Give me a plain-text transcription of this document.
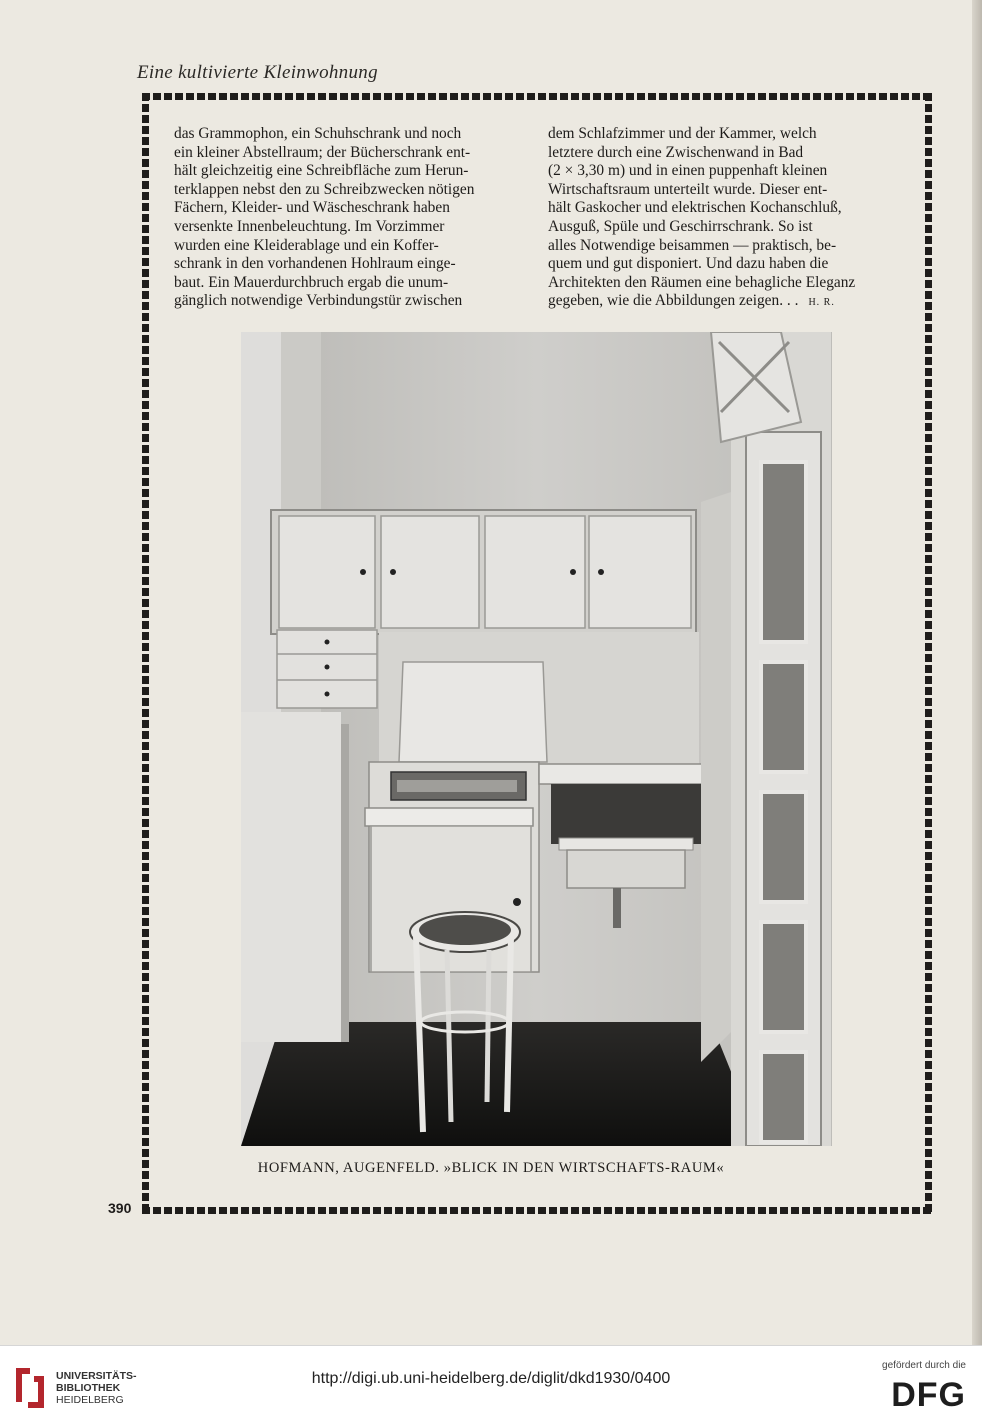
Eine kultivierte Kleinwohnung

das Grammophon, ein Schuhschrank und noch

ein kleiner Abstellraum; der Bücherschrank ent-

hält gleichzeitig eine Schreibfläche zum Herun-

terklappen nebst den zu Schreibzwecken nötigen

Fächern, Kleider- und Wäscheschrank haben

versenkte Innenbeleuchtung. Im Vorzimmer

wurden eine Kleiderablage und ein Koffer-

schrank in den vorhandenen Hohlraum einge-

baut. Ein Mauerdurchbruch ergab die unum-

gänglich notwendige Verbindungstür zwischen

dem Schlafzimmer und der Kammer, welch

letztere durch eine Zwischenwand in Bad

(2 × 3,30 m) und in einen puppenhaft kleinen

Wirtschaftsraum unterteilt wurde. Dieser ent-

hält Gaskocher und elektrischen Kochanschluß,

Ausguß, Spüle und Geschirrschrank. So ist

alles Notwendige beisammen — praktisch, be-

quem und gut disponiert. Und dazu haben die

Architekten den Räumen eine behagliche Eleganz

gegeben, wie die Abbildungen zeigen. . . H. R.

HOFMANN, AUGENFELD. »BLICK IN DEN WIRTSCHAFTS-RAUM«
390
UNIVERSITÄTS-
BIBLIOTHEK
HEIDELBERG
http://digi.ub.uni-heidelberg.de/diglit/dkd1930/0400
gefördert durch die
DFG
